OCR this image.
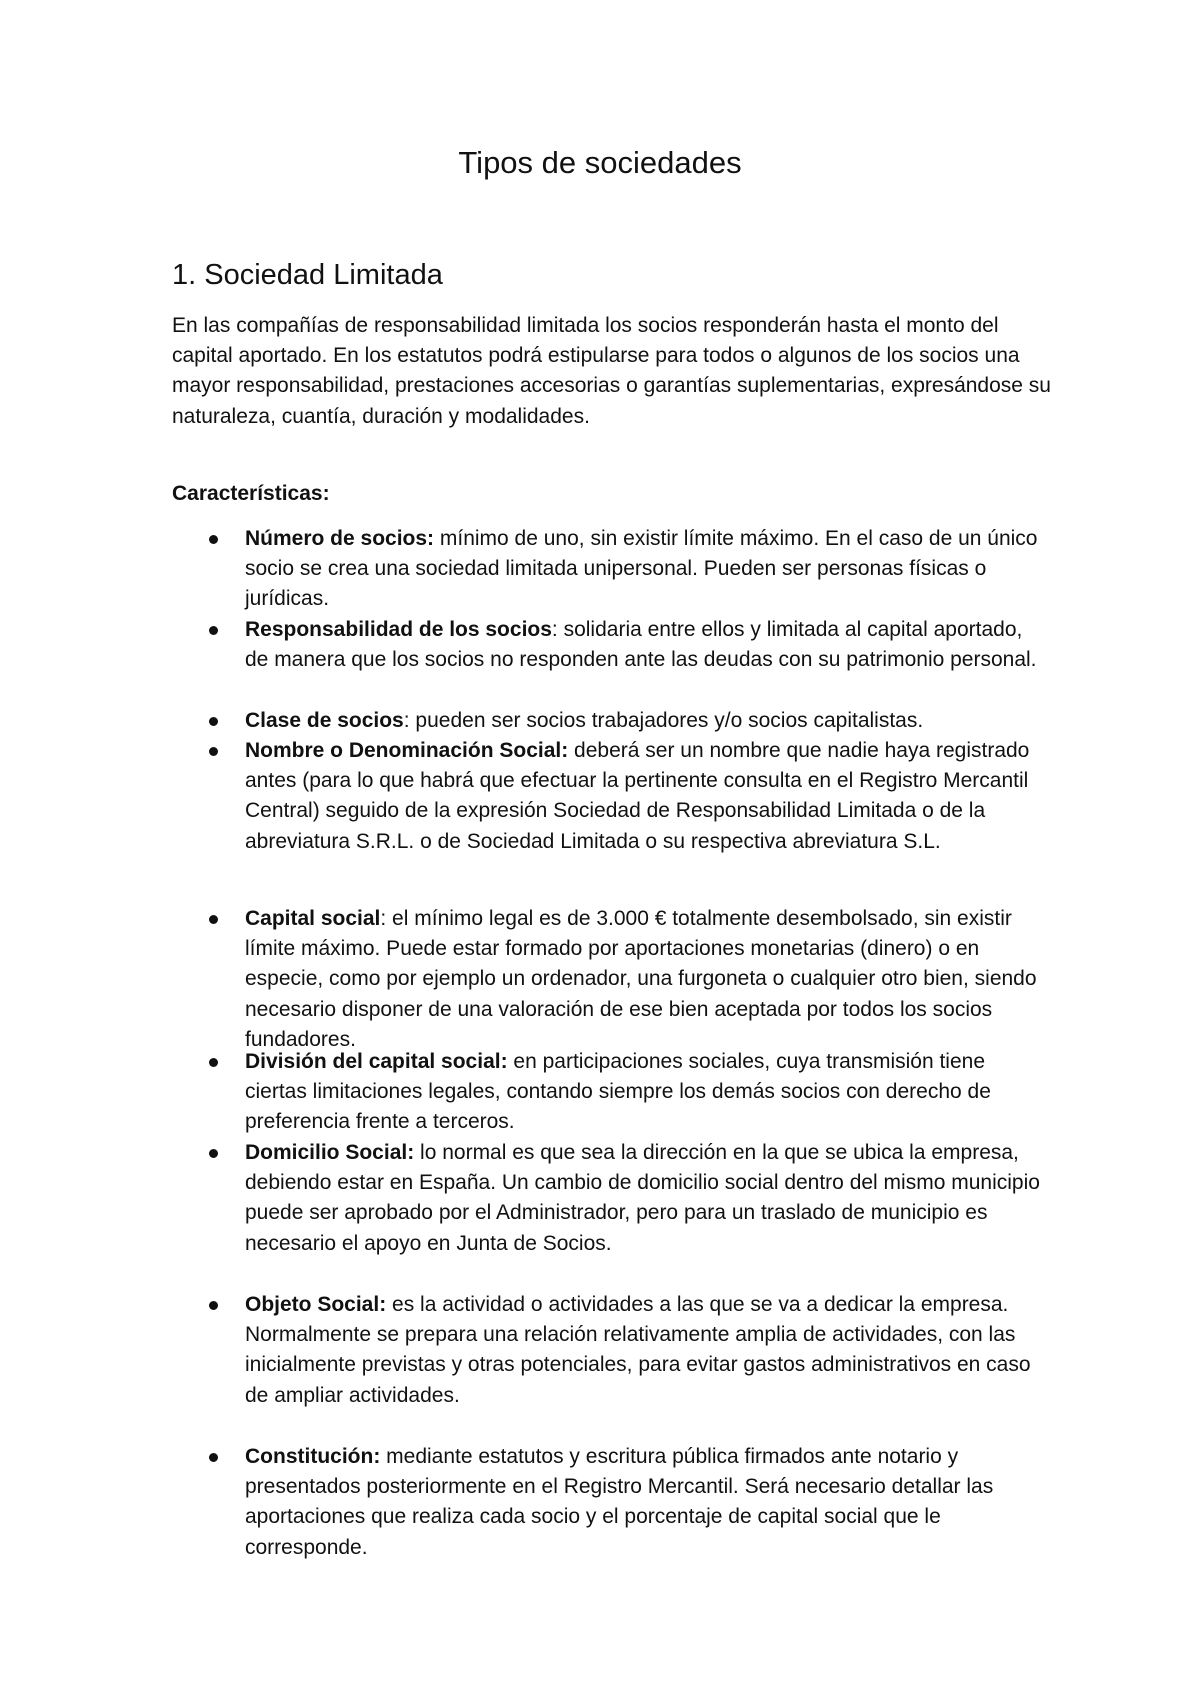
Tipos de sociedades
1. Sociedad Limitada

En las compañías de responsabilidad limitada los socios responderán hasta el monto del capital aportado. En los estatutos podrá estipularse para todos o algunos de los socios una mayor responsabilidad, prestaciones accesorias o garantías suplementarias, expresándose su naturaleza, cuantía, duración y modalidades.

Características:

Número de socios: mínimo de uno, sin existir límite máximo. En el caso de un único socio se crea una sociedad limitada unipersonal. Pueden ser personas físicas o jurídicas.
Responsabilidad de los socios: solidaria entre ellos y limitada al capital aportado, de manera que los socios no responden ante las deudas con su patrimonio personal.
Clase de socios: pueden ser socios trabajadores y/o socios capitalistas.
Nombre o Denominación Social: deberá ser un nombre que nadie haya registrado antes (para lo que habrá que efectuar la pertinente consulta en el Registro Mercantil Central) seguido de la expresión Sociedad de Responsabilidad Limitada o de la abreviatura S.R.L. o de Sociedad Limitada o su respectiva abreviatura S.L.
Capital social: el mínimo legal es de 3.000 € totalmente desembolsado, sin existir límite máximo. Puede estar formado por aportaciones monetarias (dinero) o en especie, como por ejemplo un ordenador, una furgoneta o cualquier otro bien, siendo necesario disponer de una valoración de ese bien aceptada por todos los socios fundadores.
División del capital social: en participaciones sociales, cuya transmisión tiene ciertas limitaciones legales, contando siempre los demás socios con derecho de preferencia frente a terceros.
Domicilio Social: lo normal es que sea la dirección en la que se ubica la empresa, debiendo estar en España. Un cambio de domicilio social dentro del mismo municipio puede ser aprobado por el Administrador, pero para un traslado de municipio es necesario el apoyo en Junta de Socios.
Objeto Social: es la actividad o actividades a las que se va a dedicar la empresa. Normalmente se prepara una relación relativamente amplia de actividades, con las inicialmente previstas y otras potenciales, para evitar gastos administrativos en caso de ampliar actividades.
Constitución: mediante estatutos y escritura pública firmados ante notario y presentados posteriormente en el Registro Mercantil. Será necesario detallar las aportaciones que realiza cada socio y el porcentaje de capital social que le corresponde.
